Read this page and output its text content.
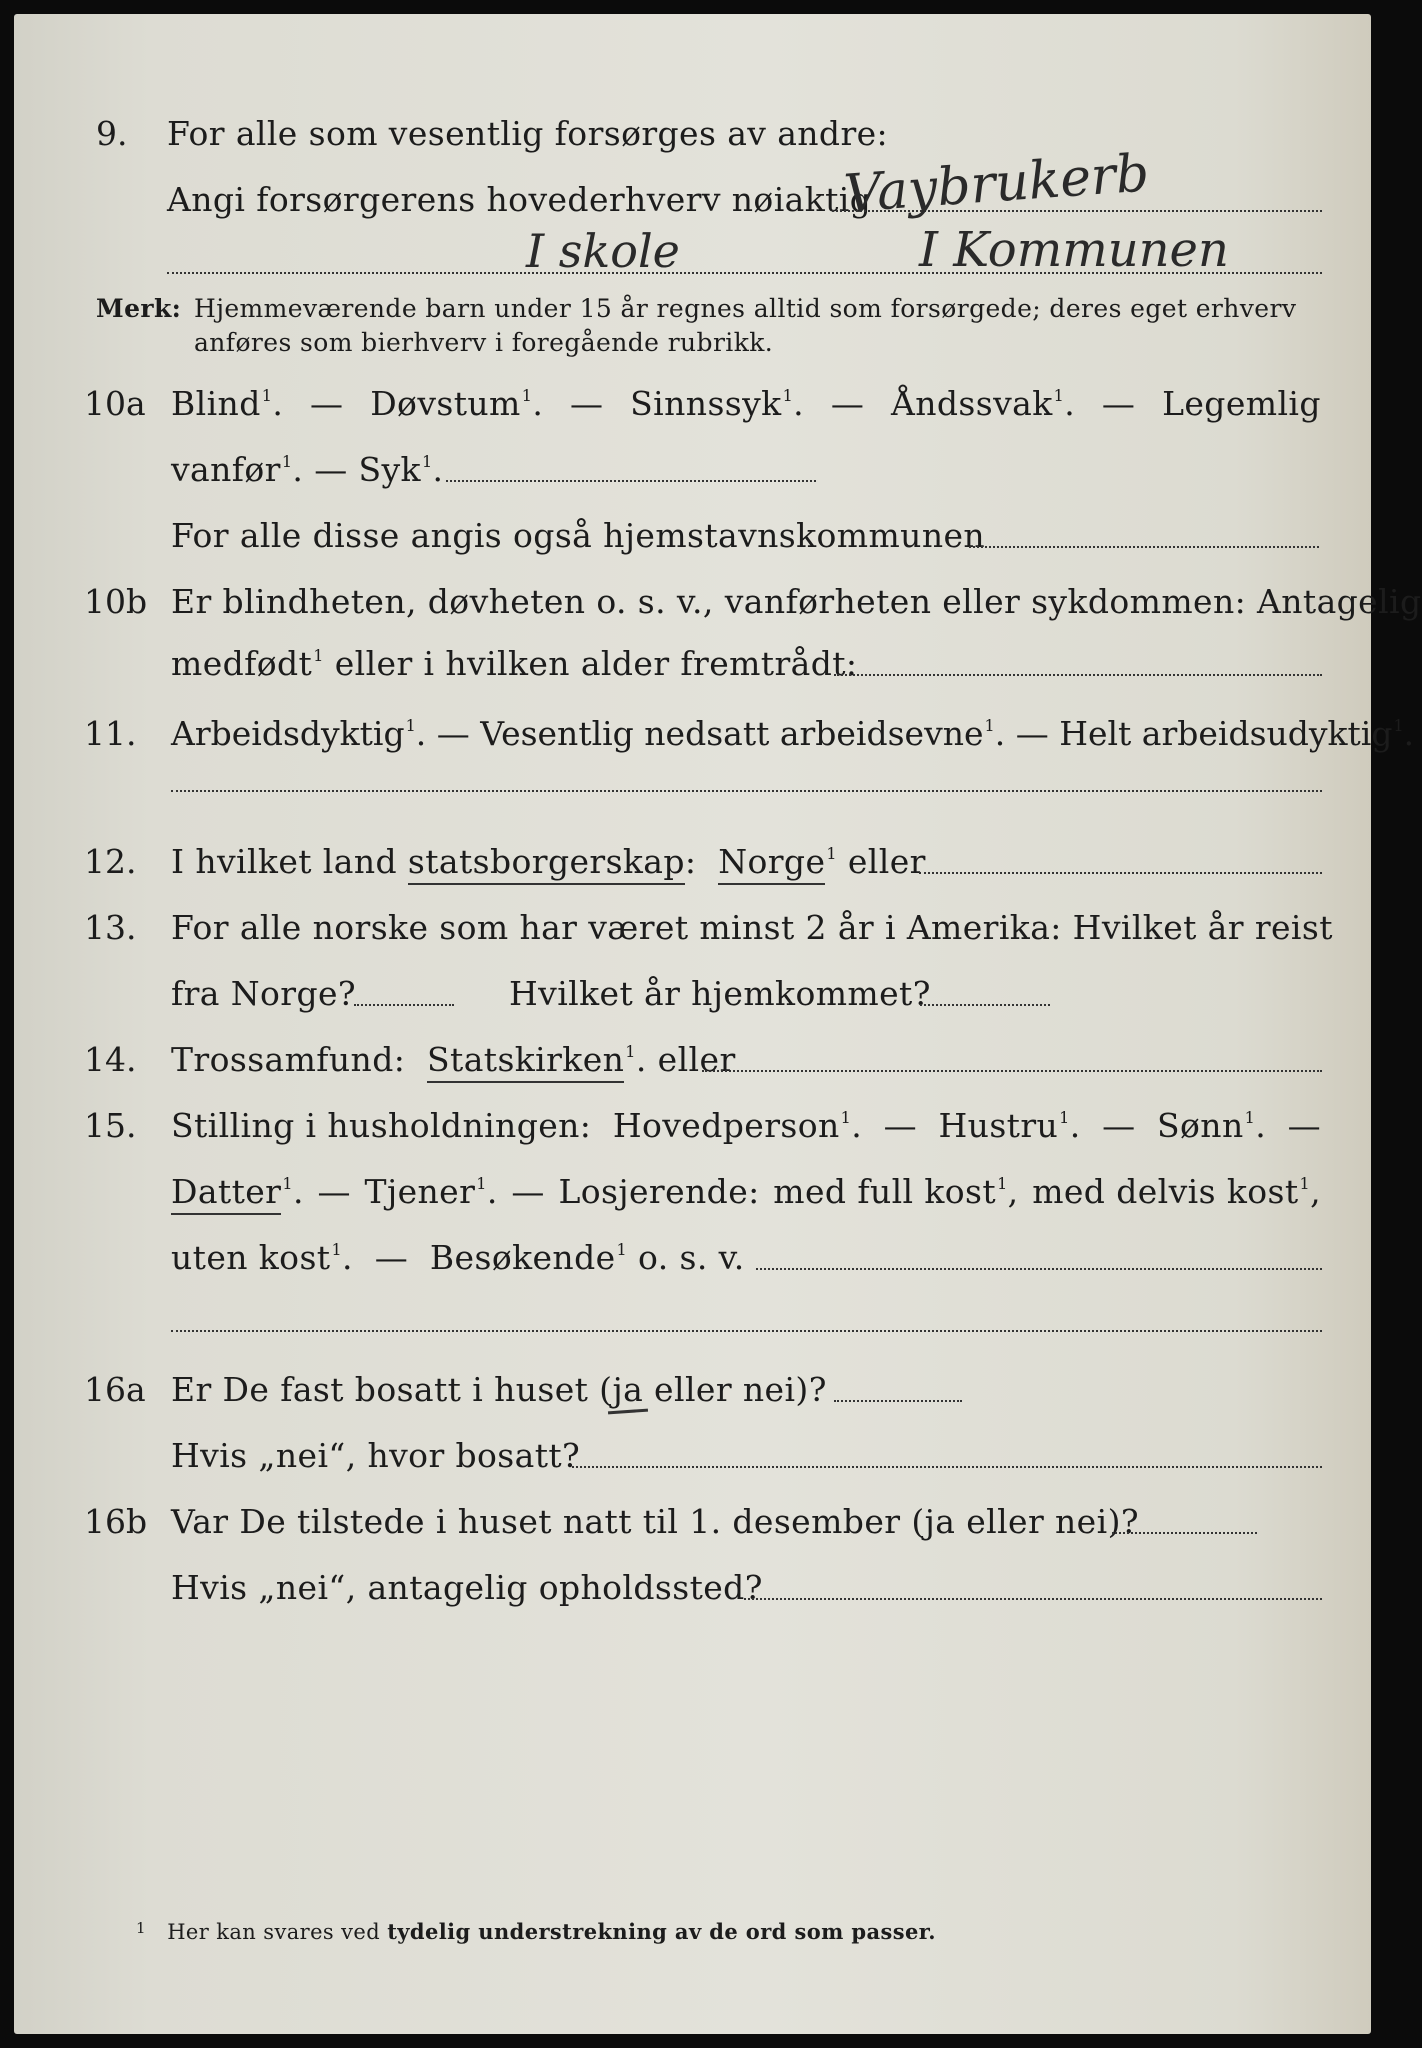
9. For alle som vesentlig forsørges av andre:
Angi forsørgerens hovederhverv nøiaktig
Vaybrukerb
I skole	I Kommunen
Merk: Hjemmeværende barn under 15 år regnes alltid som forsørgede; deres eget erhverv
anføres som bierhverv i foregående rubrikk.
10a Blind$^1$. — Døvstum$^1$. — Sinnssyk$^1$. — Åndssvak$^1$. — Legemlig
vanfør$^1$. — Syk$^1$.
For alle disse angis også hjemstavnskommunen
10b Er blindheten, døvheten o. s. v., vanførheten eller sykdommen: Antagelig
medfødt$^1$ eller i hvilken alder fremtrådt:
11. Arbeidsdyktig$^1$. — Vesentlig nedsatt arbeidsevne$^1$. — Helt arbeidsudyktig$^1$.
12. I hvilket land statsborgerskap: Norge$^1$ eller
13. For alle norske som har været minst 2 år i Amerika: Hvilket år reist
fra Norge?	Hvilket år hjemkommet?
14. Trossamfund: Statskirken$^1$. eller
15. Stilling i husholdningen: Hovedperson$^1$. — Hustru$^1$. — Sønn$^1$. —
Datter$^1$. — Tjener$^1$. — Losjerende: med full kost$^1$, med delvis kost$^1$,
uten kost$^1$. — Besøkende$^1$ o. s. v.
16a Er De fast bosatt i huset (ja eller nei)?
Hvis „nei“, hvor bosatt?
16b Var De tilstede i huset natt til 1. desember (ja eller nei)?
Hvis „nei“, antagelig opholdssted?
$^1$ Her kan svares ved tydelig understrekning av de ord som passer.
